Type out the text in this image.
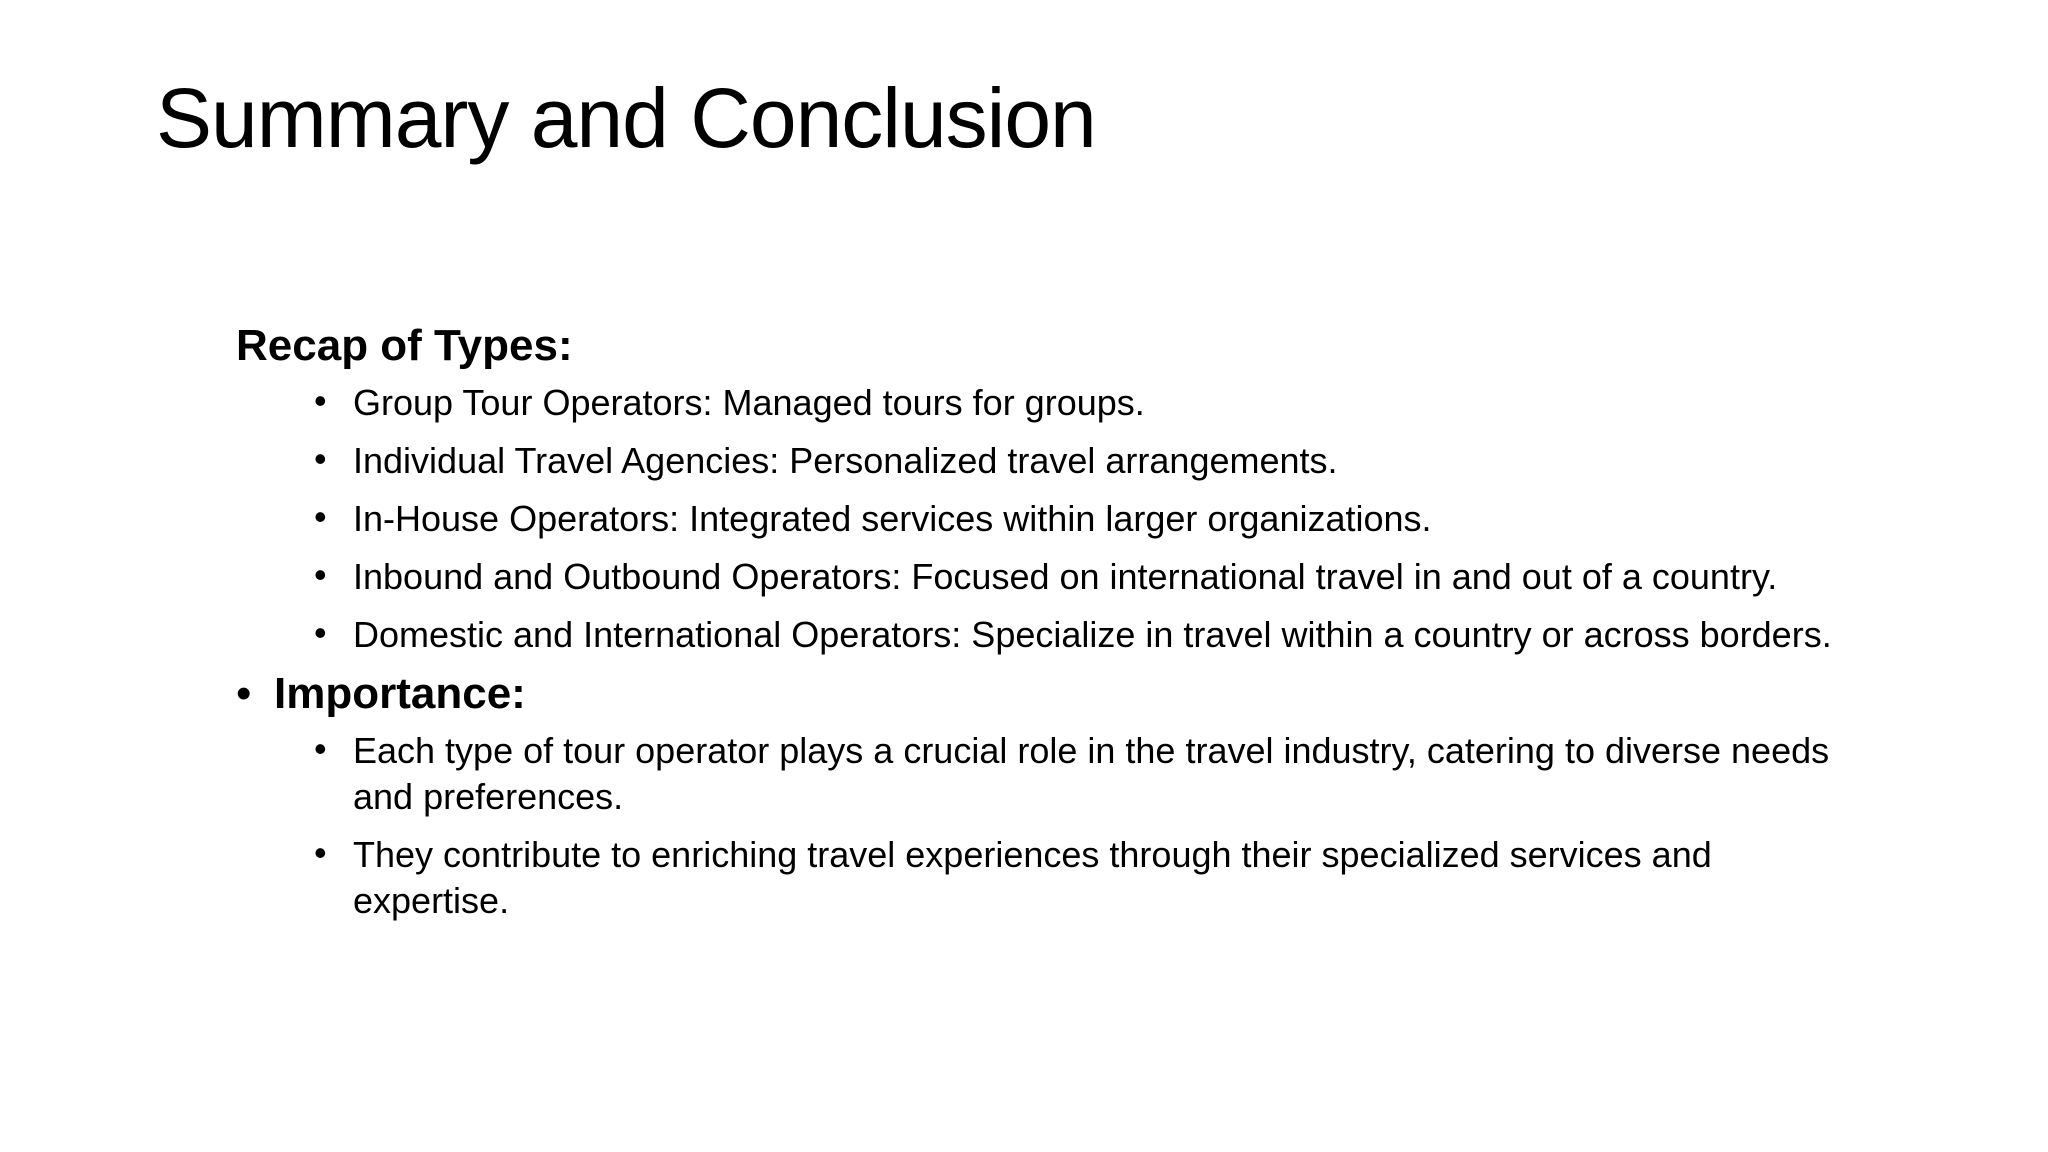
Summary and Conclusion
Recap of Types:
• Group Tour Operators: Managed tours for groups.
• Individual Travel Agencies: Personalized travel arrangements.
• In-House Operators: Integrated services within larger organizations.
• Inbound and Outbound Operators: Focused on international travel in and out of a country.
• Domestic and International Operators: Specialize in travel within a country or across borders.
• Importance:
• Each type of tour operator plays a crucial role in the travel industry, catering to diverse needs and preferences.
• They contribute to enriching travel experiences through their specialized services and expertise.
